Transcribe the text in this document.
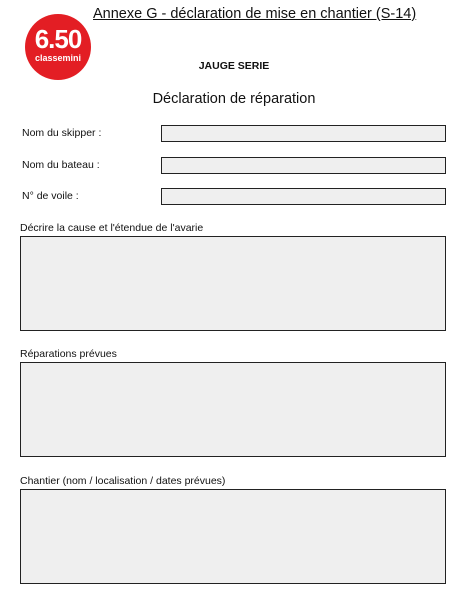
6.50
classemini
Annexe G - déclaration de mise en chantier (S-14)
JAUGE SERIE
Déclaration de réparation
Nom du skipper :
Nom du bateau :
N° de voile :
Décrire la cause et l'étendue de l'avarie
Réparations prévues
Chantier (nom / localisation / dates prévues)
